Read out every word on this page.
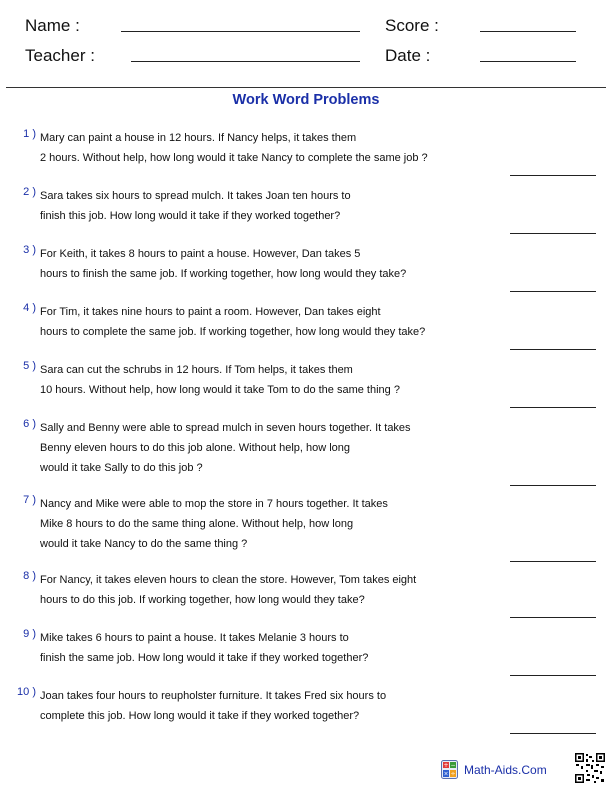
Name :
Teacher :
Score :
Date :
Work Word Problems
1 ) Mary can paint a house in 12 hours. If Nancy helps, it takes them
2 hours. Without help, how long would it take Nancy to complete the same job ?
2 ) Sara takes six hours to spread mulch. It takes Joan ten hours to
finish this job. How long would it take if they worked together?
3 ) For Keith, it takes 8 hours to paint a house. However, Dan takes 5
hours to finish the same job. If working together, how long would they take?
4 ) For Tim, it takes nine hours to paint a room. However, Dan takes eight
hours to complete the same job. If working together, how long would they take?
5 ) Sara can cut the schrubs in 12 hours. If Tom helps, it takes them
10 hours. Without help, how long would it take Tom to do the same thing ?
6 ) Sally and Benny were able to spread mulch in seven hours together. It takes
Benny eleven hours to do this job alone. Without help, how long
would it take Sally to do this job ?
7 ) Nancy and Mike were able to mop the store in 7 hours together. It takes
Mike 8 hours to do the same thing alone. Without help, how long
would it take Nancy to do the same thing ?
8 ) For Nancy, it takes eleven hours to clean the store. However, Tom takes eight
hours to do this job. If working together, how long would they take?
9 ) Mike takes 6 hours to paint a house. It takes Melanie 3 hours to
finish the same job. How long would it take if they worked together?
10 ) Joan takes four hours to reupholster furniture. It takes Fred six hours to
complete this job. How long would it take if they worked together?
+ −
× ÷ Math-Aids.Com
